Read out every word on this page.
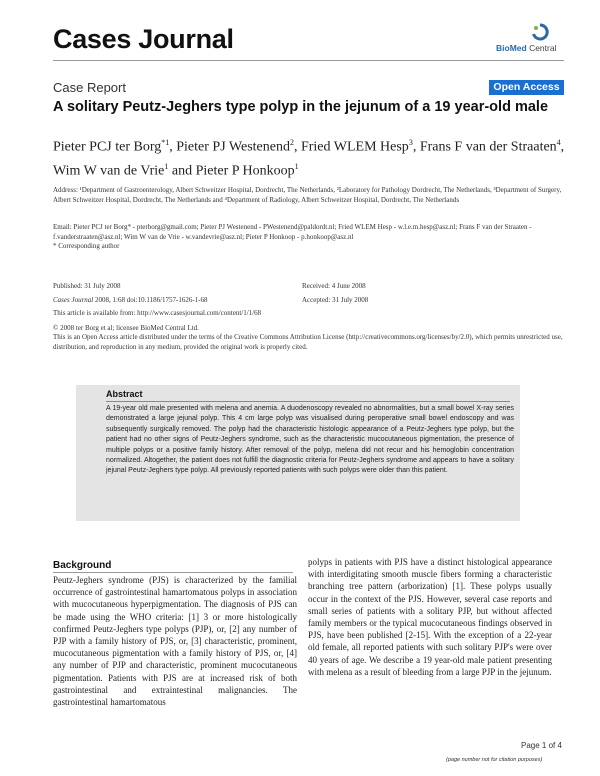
Cases Journal	BioMed Central
Case Report	Open Access
A solitary Peutz-Jeghers type polyp in the jejunum of a 19 year-old male
Pieter PCJ ter Borg$^{*1}$, Pieter PJ Westenend$^2$, Fried WLEM Hesp$^3$, Frans F van der Straaten$^4$, Wim W van de Vrie$^1$ and Pieter P Honkoop$^1$
Address: ¹Department of Gastroenterology, Albert Schweitzer Hospital, Dordrecht, The Netherlands, ²Laboratory for Pathology Dordrecht, The Netherlands, ³Department of Surgery, Albert Schweitzer Hospital, Dordrecht, The Netherlands and ⁴Department of Radiology, Albert Schweitzer Hospital, Dordrecht, The Netherlands
Email: Pieter PCJ ter Borg* - pterborg@gmail.com; Pieter PJ Westenend - PWestenend@paldordt.nl; Fried WLEM Hesp - w.l.e.m.hesp@asz.nl; Frans F van der Straaten - f.vanderstraaten@asz.nl; Wim W van de Vrie - w.vandevrie@asz.nl; Pieter P Honkoop - p.honkoop@asz.nl
* Corresponding author
Published: 31 July 2008
Cases Journal 2008, 1:68 doi:10.1186/1757-1626-1-68
This article is available from: http://www.casesjournal.com/content/1/1/68
Received: 4 June 2008
Accepted: 31 July 2008
© 2008 ter Borg et al; licensee BioMed Central Ltd.
This is an Open Access article distributed under the terms of the Creative Commons Attribution License (http://creativecommons.org/licenses/by/2.0), which permits unrestricted use, distribution, and reproduction in any medium, provided the original work is properly cited.
Abstract
A 19-year old male presented with melena and anemia. A duodenoscopy revealed no abnormalities, but a small bowel X-ray series demonstrated a large jejunal polyp. This 4 cm large polyp was visualised during peroperative small bowel endoscopy and was subsequently surgically removed. The polyp had the characteristic histologic appearance of a Peutz-Jeghers type polyp, but the patient had no other signs of Peutz-Jeghers syndrome, such as the characteristic mucocutaneous pigmentation, the presence of multiple polyps or a positive family history. After removal of the polyp, melena did not recur and his hemoglobin concentration normalized. Altogether, the patient does not fulfill the diagnostic criteria for Peutz-Jeghers syndrome and appears to have a solitary jejunal Peutz-Jeghers type polyp. All previously reported patients with such polyps were older than this patient.
Background
Peutz-Jeghers syndrome (PJS) is characterized by the familial occurrence of gastrointestinal hamartomatous polyps in association with mucocutaneous hyperpigmentation. The diagnosis of PJS can be made using the WHO criteria: [1] 3 or more histologically confirmed Peutz-Jeghers type polyps (PJP), or, [2] any number of PJP with a family history of PJS, or, [3] characteristic, prominent, mucocutaneous pigmentation with a family history of PJS, or, [4] any number of PJP and characteristic, prominent mucocutaneous pigmentation. Patients with PJS are at increased risk of both gastrointestinal and extraintestinal malignancies. The gastrointestinal hamartomatous
polyps in patients with PJS have a distinct histological appearance with interdigitating smooth muscle fibers forming a characteristic branching tree pattern (arborization) [1]. These polyps usually occur in the context of the PJS. However, several case reports and small series of patients with a solitary PJP, but without affected family members or the typical mucocutaneous findings observed in PJS, have been published [2-15]. With the exception of a 22-year old female, all reported patients with such solitary PJP's were over 40 years of age. We describe a 19 year-old male patient presenting with melena as a result of bleeding from a large PJP in the jejunum.
Page 1 of 4
(page number not for citation purposes)
